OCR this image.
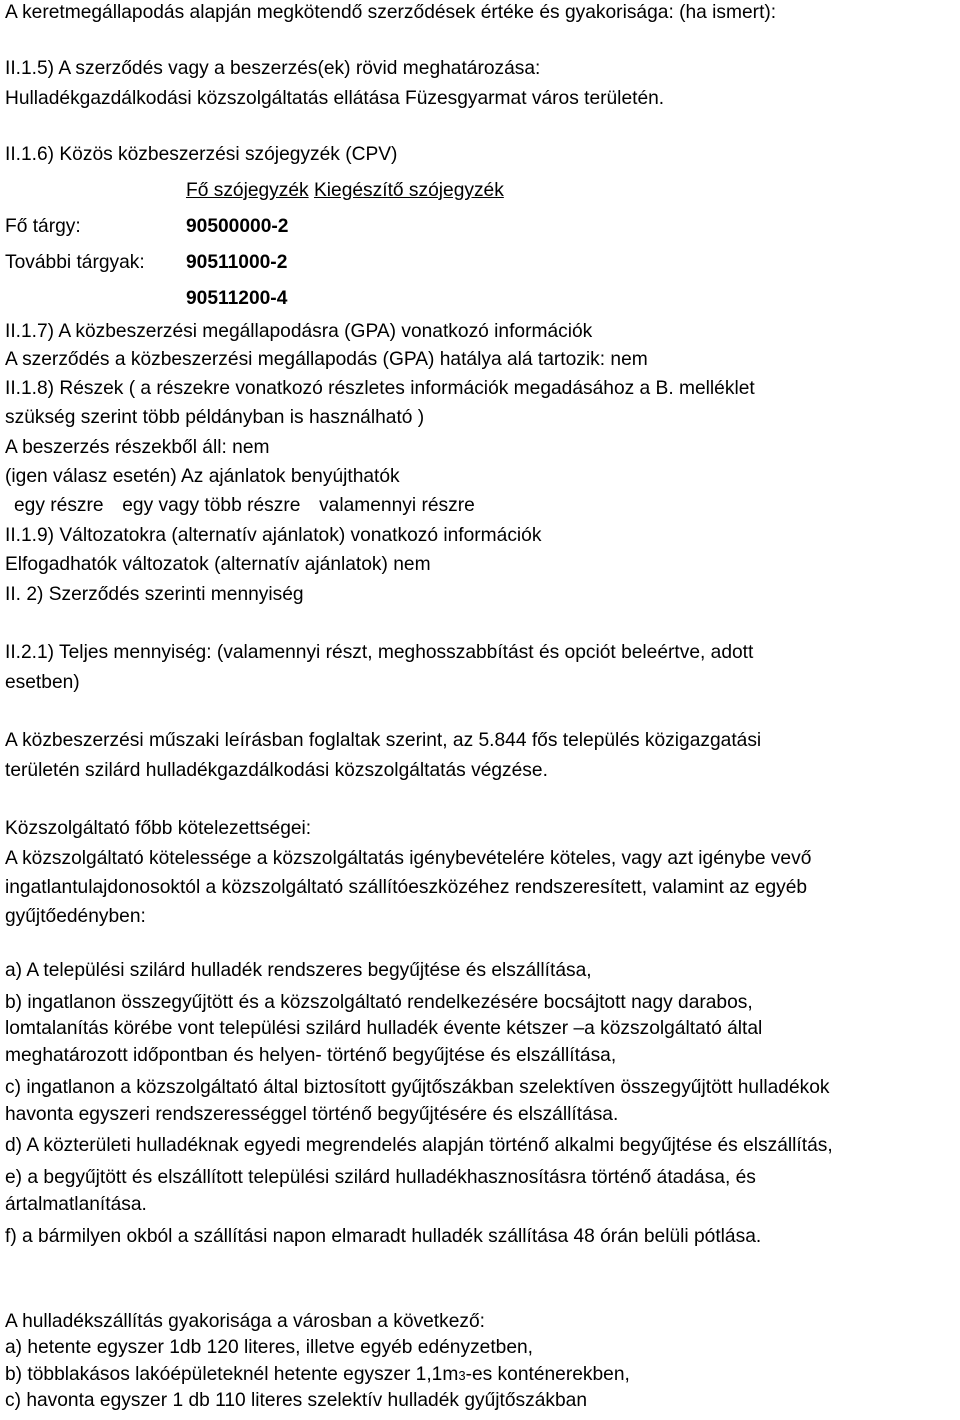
A keretmegállapodás alapján megkötendő szerződések értéke és gyakorisága: (ha ismert):
II.1.5) A szerződés vagy a beszerzés(ek) rövid meghatározása:
Hulladékgazdálkodási közszolgáltatás ellátása Füzesgyarmat város területén.
II.1.6) Közös közbeszerzési szójegyzék (CPV)
Fő szójegyzék Kiegészítő szójegyzék
Fő tárgy:	90500000-2
További tárgyak: 90511000-2
90511200-4
II.1.7) A közbeszerzési megállapodásra (GPA) vonatkozó információk
A szerződés a közbeszerzési megállapodás (GPA) hatálya alá tartozik: nem
II.1.8) Részek ( a részekre vonatkozó részletes információk megadásához a B. melléklet
szükség szerint több példányban is használható )
A beszerzés részekből áll: nem
(igen válasz esetén) Az ajánlatok benyújthatók
egy részre egy vagy több részre valamennyi részre
II.1.9) Változatokra (alternatív ajánlatok) vonatkozó információk
Elfogadhatók változatok (alternatív ajánlatok) nem
II. 2) Szerződés szerinti mennyiség
II.2.1) Teljes mennyiség: (valamennyi részt, meghosszabbítást és opciót beleértve, adott
esetben)
A közbeszerzési műszaki leírásban foglaltak szerint, az 5.844 fős település közigazgatási
területén szilárd hulladékgazdálkodási közszolgáltatás végzése.
Közszolgáltató főbb kötelezettségei:
A közszolgáltató kötelessége a közszolgáltatás igénybevételére köteles, vagy azt igénybe vevő
ingatlantulajdonosoktól a közszolgáltató szállítóeszközéhez rendszeresített, valamint az egyéb
gyűjtőedényben:
a) A települési szilárd hulladék rendszeres begyűjtése és elszállítása,
b) ingatlanon összegyűjtött és a közszolgáltató rendelkezésére bocsájtott nagy darabos,
lomtalanítás körébe vont települési szilárd hulladék évente kétszer –a közszolgáltató által
meghatározott időpontban és helyen- történő begyűjtése és elszállítása,
c) ingatlanon a közszolgáltató által biztosított gyűjtőszákban szelektíven összegyűjtött hulladékok
havonta egyszeri rendszerességgel történő begyűjtésére és elszállítása.
d) A közterületi hulladéknak egyedi megrendelés alapján történő alkalmi begyűjtése és elszállítás,
e) a begyűjtött és elszállított települési szilárd hulladékhasznosításra történő átadása, és
ártalmatlanítása.
f) a bármilyen okból a szállítási napon elmaradt hulladék szállítása 48 órán belüli pótlása.
A hulladékszállítás gyakorisága a városban a következő:
a) hetente egyszer 1db 120 literes, illetve egyéb edényzetben,
b) többlakásos lakóépületeknél hetente egyszer 1,1m3-es konténerekben,
c) havonta egyszer 1 db 110 literes szelektív hulladék gyűjtőszákban
